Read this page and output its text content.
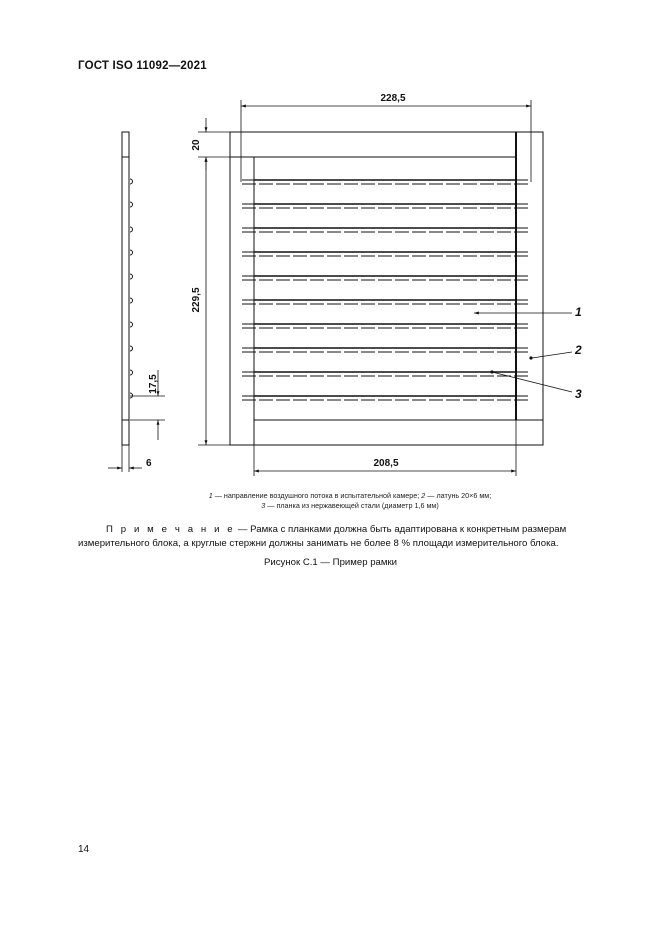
ГОСТ ISO 11092—2021
17,5
6
228,5
208,5
20
229,5	1
2
3
1 — направление воздушного потока в испытательной камере; 2 — латунь 20×6 мм;
3 — планка из нержавеющей стали (диаметр 1,6 мм)
П р и м е ч а н и е — Рамка с планками должна быть адаптирована к конкретным размерам измерительного блока, а круглые стержни должны занимать не более 8 % площади измерительного блока.
Рисунок С.1 — Пример рамки
14
